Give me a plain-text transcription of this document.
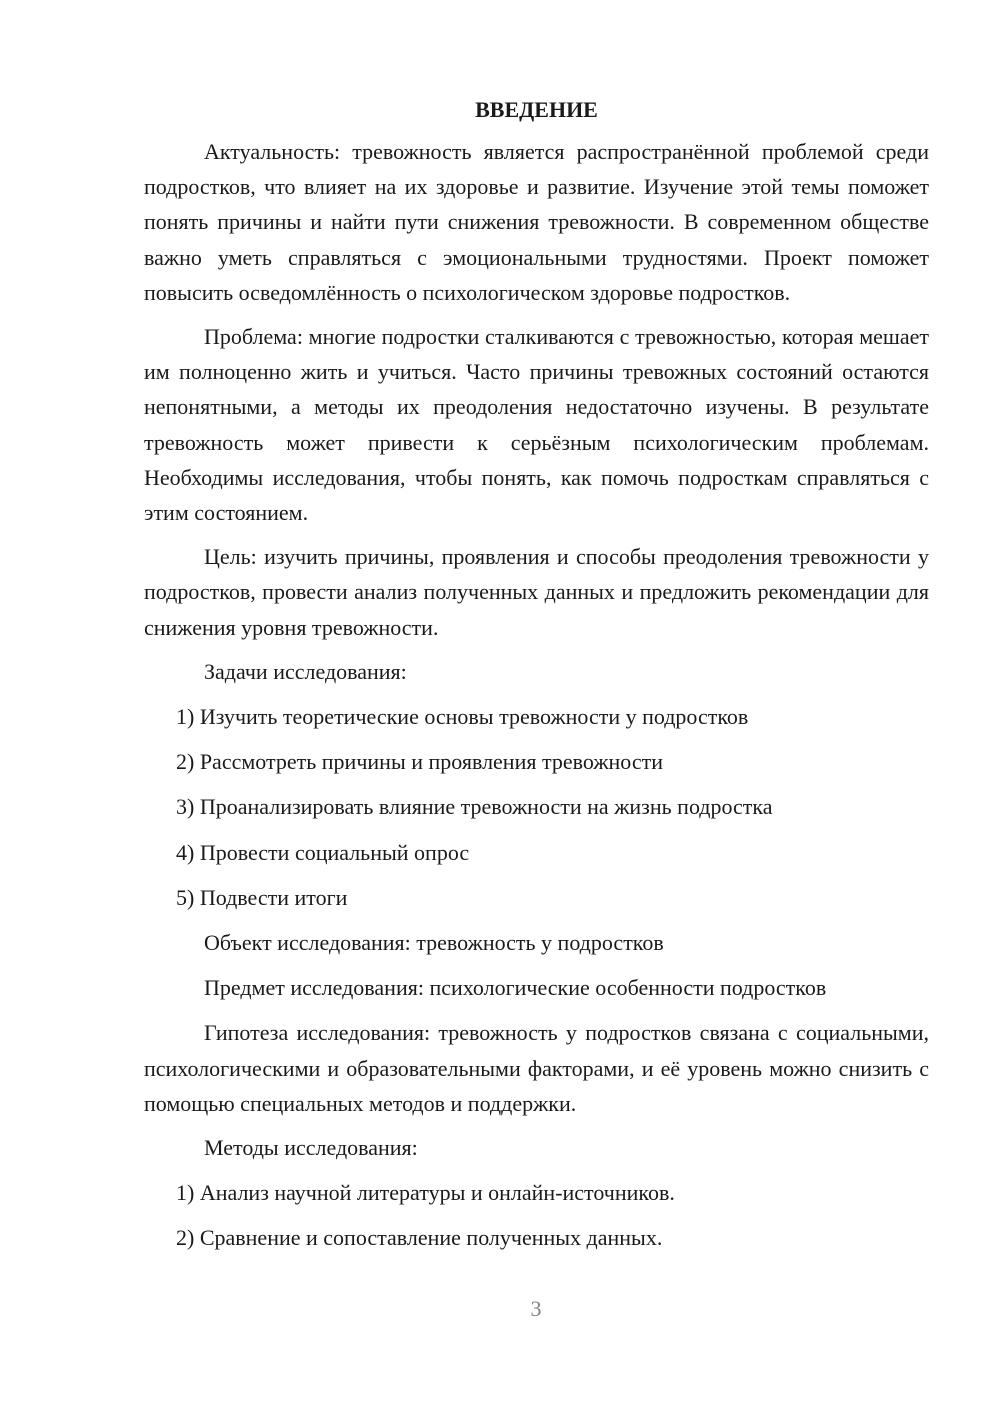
ВВЕДЕНИЕ

Актуальность: тревожность является распространённой проблемой среди подростков, что влияет на их здоровье и развитие. Изучение этой темы поможет понять причины и найти пути снижения тревожности. В современном обществе важно уметь справляться с эмоциональными трудностями. Проект поможет повысить осведомлённость о психологическом здоровье подростков.

Проблема: многие подростки сталкиваются с тревожностью, которая мешает им полноценно жить и учиться. Часто причины тревожных состояний остаются непонятными, а методы их преодоления недостаточно изучены. В результате тревожность может привести к серьёзным психологическим проблемам. Необходимы исследования, чтобы понять, как помочь подросткам справляться с этим состоянием.

Цель: изучить причины, проявления и способы преодоления тревожности у подростков, провести анализ полученных данных и предложить рекомендации для снижения уровня тревожности.

Задачи исследования:

1) Изучить теоретические основы тревожности у подростков

2) Рассмотреть причины и проявления тревожности

3) Проанализировать влияние тревожности на жизнь подростка

4) Провести социальный опрос

5) Подвести итоги

Объект исследования: тревожность у подростков

Предмет исследования: психологические особенности подростков

Гипотеза исследования: тревожность у подростков связана с социальными, психологическими и образовательными факторами, и её уровень можно снизить с помощью специальных методов и поддержки.

Методы исследования:

1) Анализ научной литературы и онлайн-источников.

2) Сравнение и сопоставление полученных данных.

3
